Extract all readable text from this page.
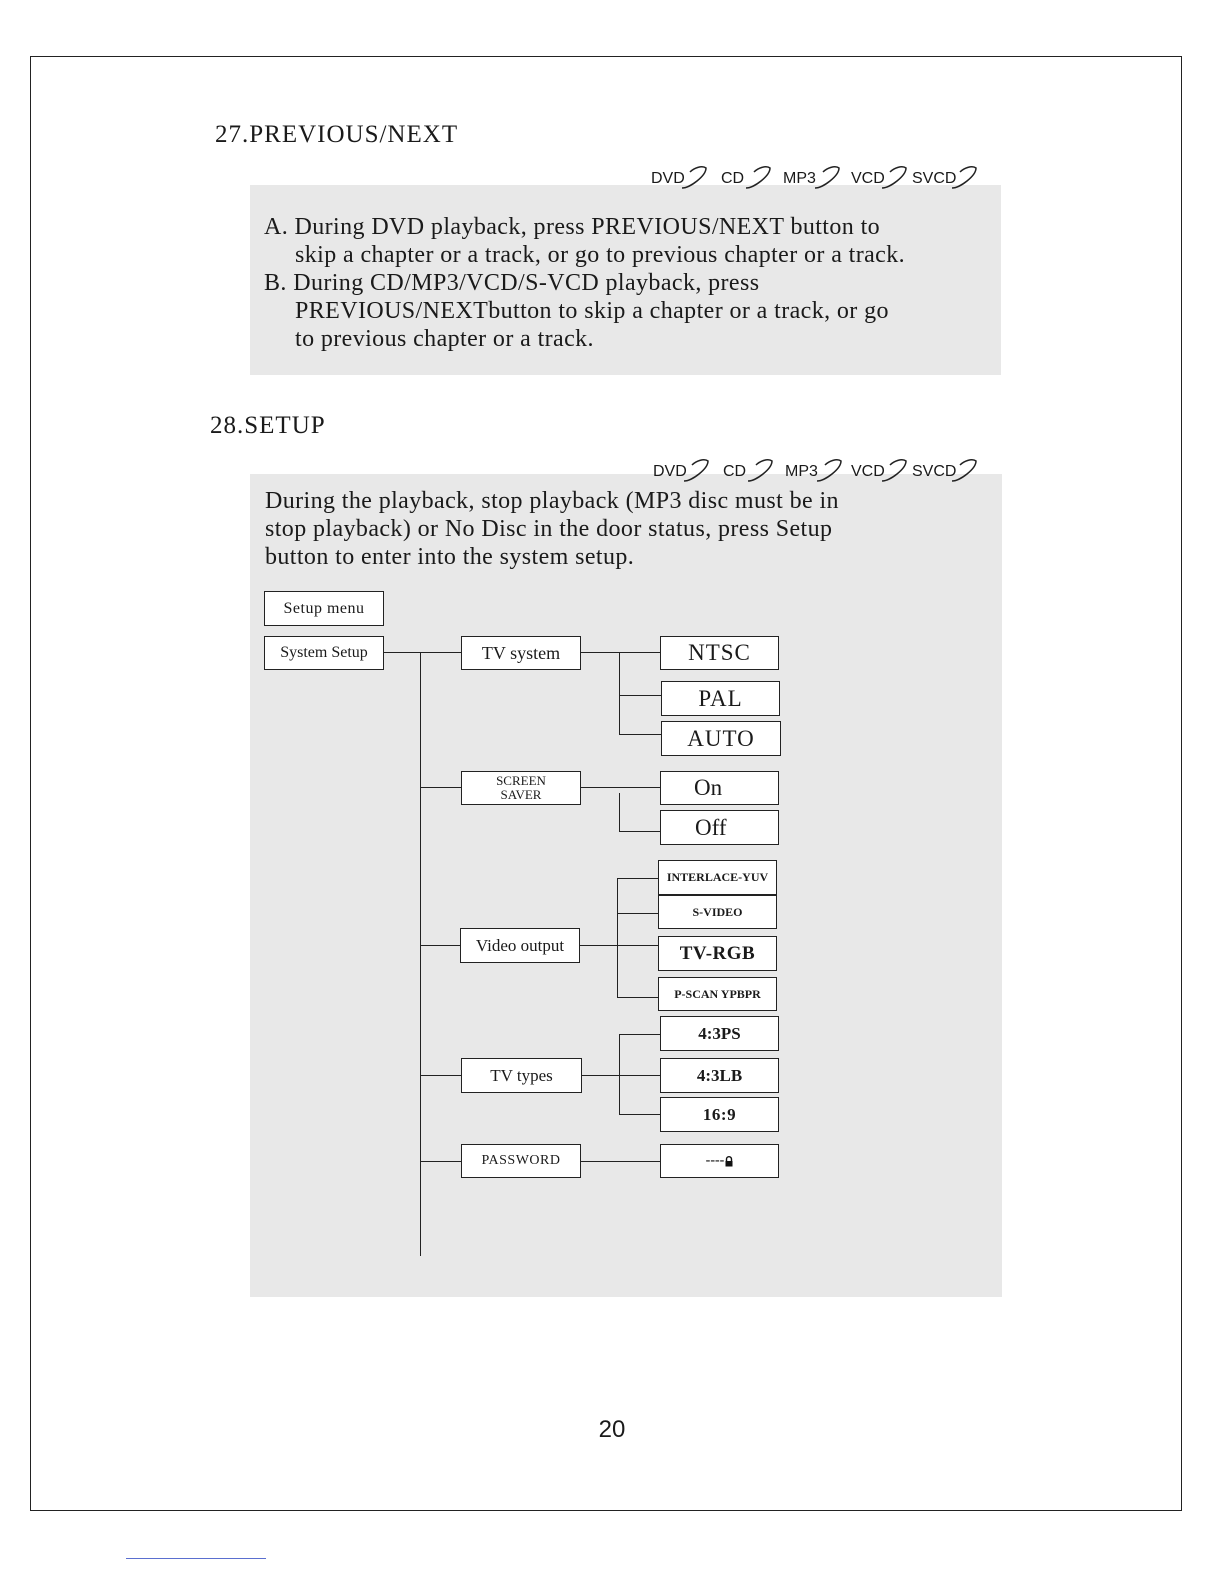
27.PREVIOUS/NEXT
A. During DVD playback, press PREVIOUS/NEXT button to
skip a chapter or a track, or go to previous chapter or a track.
B. During CD/MP3/VCD/S-VCD playback, press
PREVIOUS/NEXTbutton to skip a chapter or a track, or go
to previous chapter or a track.
DVD CD MP3 VCD SVCD
28.SETUP
DVD CD MP3 VCD SVCD
During the playback, stop playback (MP3 disc must be in
stop playback) or No Disc in the door status, press Setup
button to enter into the system setup.
Setup menu
System Setup	TV system	NTSC
PAL
AUTO
SCREEN
SAVER	On
Off
Video output
INTERLACE-YUV
S-VIDEO
TV-RGB
P-SCAN YPBPR
TV types
4:3PS
4:3LB
16:9
PASSWORD	----
20
